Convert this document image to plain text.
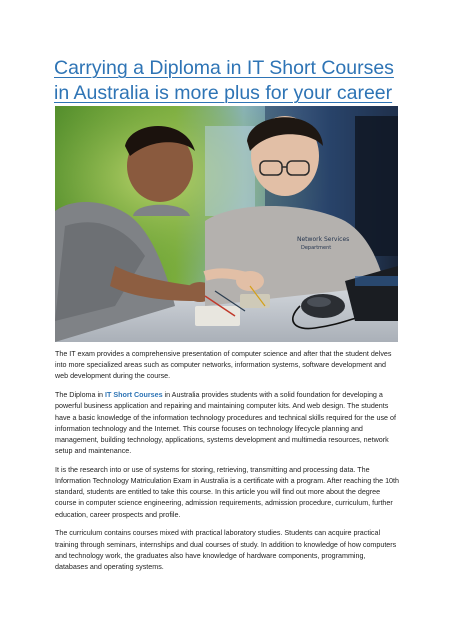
Carrying a Diploma in IT Short Courses in Australia is more plus for your career
Network Services
Department

The IT exam provides a comprehensive presentation of computer science and after that the student delves into more specialized areas such as computer networks, information systems, software development and web development during the course.

The Diploma in IT Short Courses in Australia provides students with a solid foundation for developing a powerful business application and repairing and maintaining computer kits. And web design. The students have a basic knowledge of the information technology procedures and technical skills required for the use of information technology and the Internet. This course focuses on technology lifecycle planning and management, building technology, applications, systems development and multimedia resources, network setup and maintenance.

It is the research into or use of systems for storing, retrieving, transmitting and processing data. The Information Technology Matriculation Exam in Australia is a certificate with a program. After reaching the 10th standard, students are entitled to take this course. In this article you will find out more about the degree course in computer science engineering, admission requirements, admission procedure, curriculum, further education, career prospects and profile.

The curriculum contains courses mixed with practical laboratory studies. Students can acquire practical training through seminars, internships and dual courses of study. In addition to knowledge of how computers and technology work, the graduates also have knowledge of hardware components, programming, databases and operating systems.
